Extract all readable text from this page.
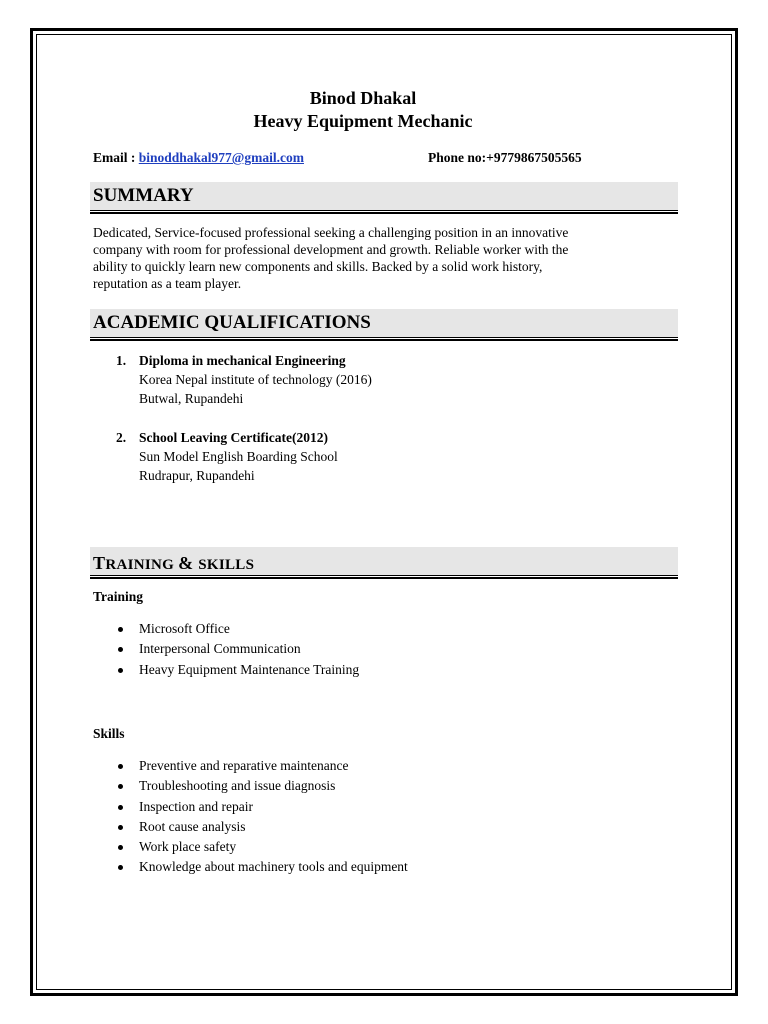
Binod Dhakal
Heavy Equipment Mechanic
Email : binoddhakal977@gmail.com	Phone no:+9779867505565
SUMMARY
Dedicated, Service-focused professional seeking a challenging position in an innovative
company with room for professional development and growth. Reliable worker with the
ability to quickly learn new components and skills. Backed by a solid work history,
reputation as a team player.
ACADEMIC QUALIFICATIONS
1. Diploma in mechanical Engineering
Korea Nepal institute of technology (2016)
Butwal, Rupandehi
2. School Leaving Certificate(2012)
Sun Model English Boarding School
Rudrapur, Rupandehi
TRAINING & SKILLS
Training
Microsoft Office
Interpersonal Communication
Heavy Equipment Maintenance Training
Skills
Preventive and reparative maintenance
Troubleshooting and issue diagnosis
Inspection and repair
Root cause analysis
Work place safety
Knowledge about machinery tools and equipment
